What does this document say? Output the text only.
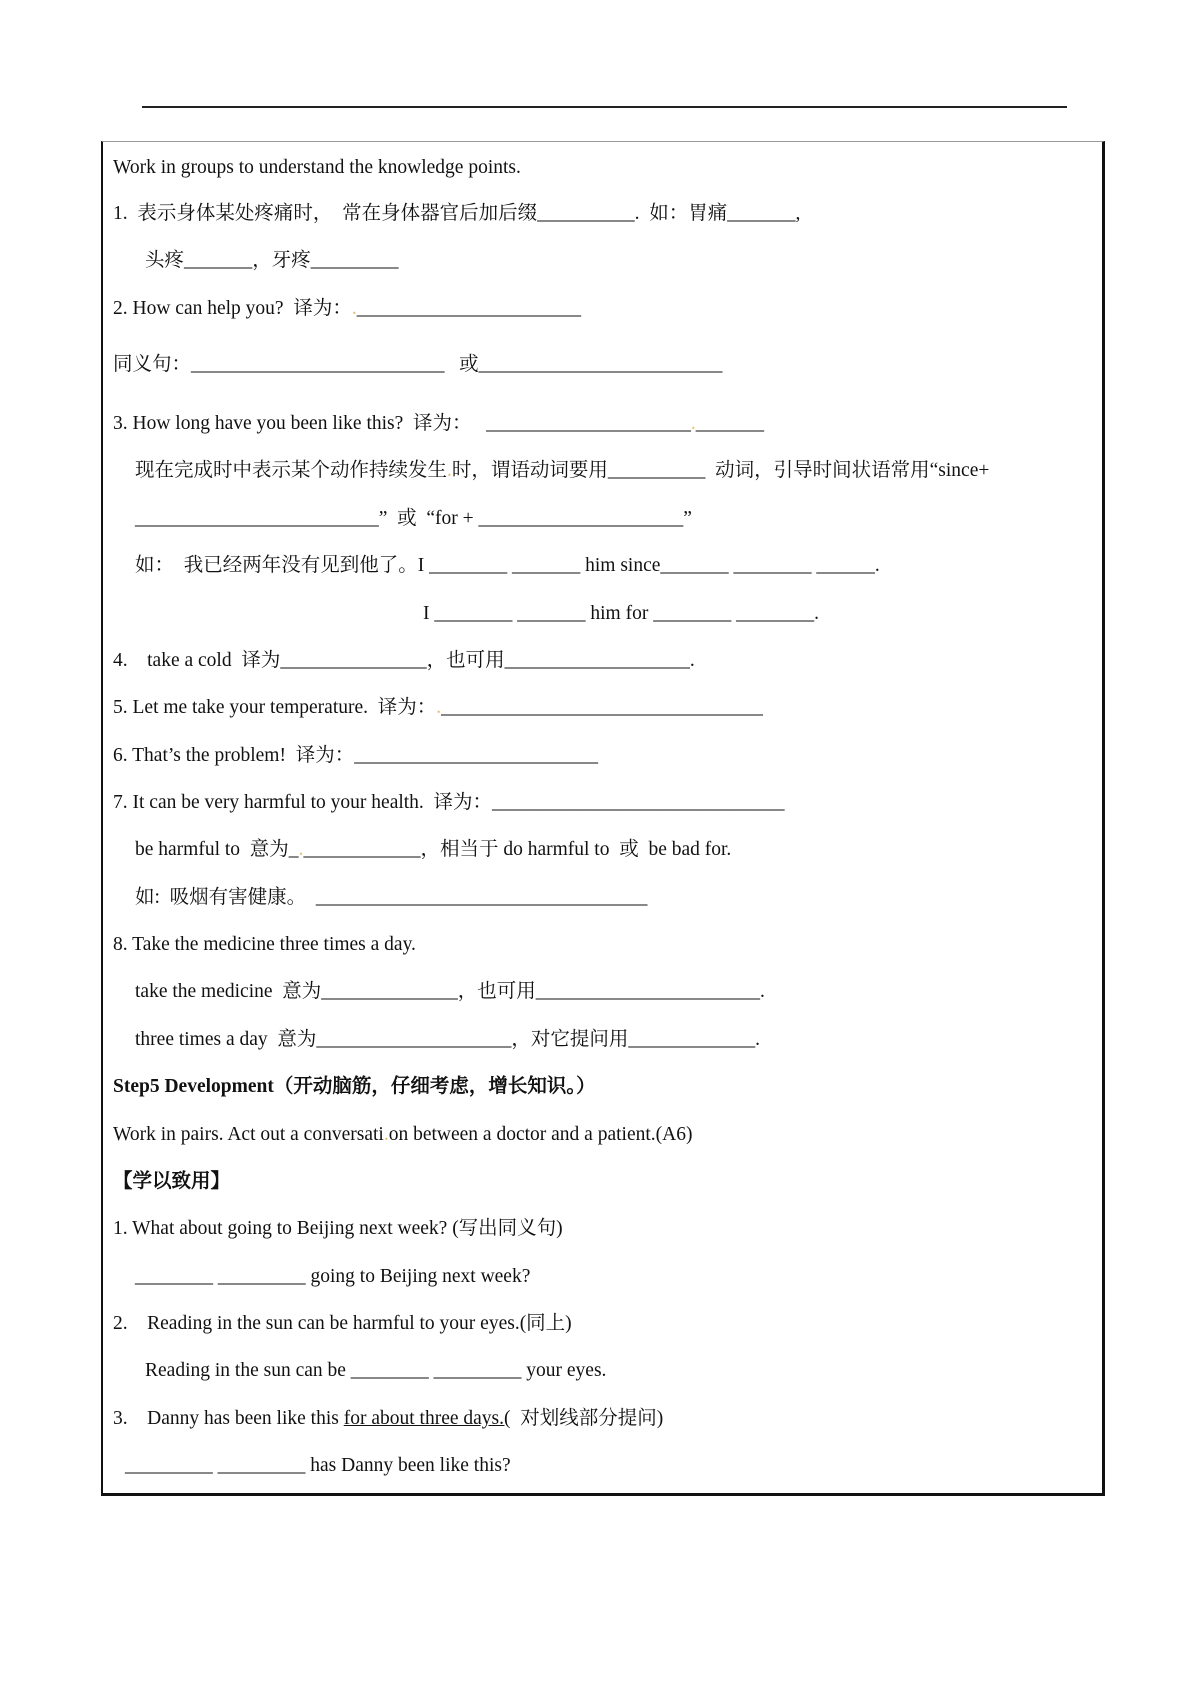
Work in groups to understand the knowledge points.
1.  表示身体某处疼痛时，  常在身体器官后加后缀__________.  如：胃痛_______,
头疼_______，牙疼_________
2. How can help you?  译为：._______________________
同义句：__________________________   或_________________________
3. How long have you been like this?  译为：   _____________________._______
现在完成时中表示某个动作持续发生.时，谓语动词要用__________  动词，引导时间状语常用“since+
_________________________”  或  “for + _____________________”
如：  我已经两年没有见到他了。I ________ _______ him since_______ ________ ______.
I ________ _______ him for ________ ________.
4.    take a cold  译为_______________，也可用___________________.
5. Let me take your temperature.  译为：._________________________________
6. That’s the problem!  译为：_________________________
7. It can be very harmful to your health.  译为：______________________________
be harmful to  意为_.____________，相当于 do harmful to  或  be bad for.
如:  吸烟有害健康。  __________________________________
8. Take the medicine three times a day.
take the medicine  意为______________，也可用_______________________.
three times a day  意为____________________，对它提问用_____________.
Step5 Development（开动脑筋，仔细考虑，增长知识。）
Work in pairs. Act out a conversati.on between a doctor and a patient.(A6)
【学以致用】
1. What about going to Beijing next week? (写出同义句)
________ _________ going to Beijing next week?
2.    Reading in the sun can be harmful to your eyes.(同上)
Reading in the sun can be ________ _________ your eyes.
3.    Danny has been like this for about three days.(  对划线部分提问)
_________ _________ has Danny been like this?
